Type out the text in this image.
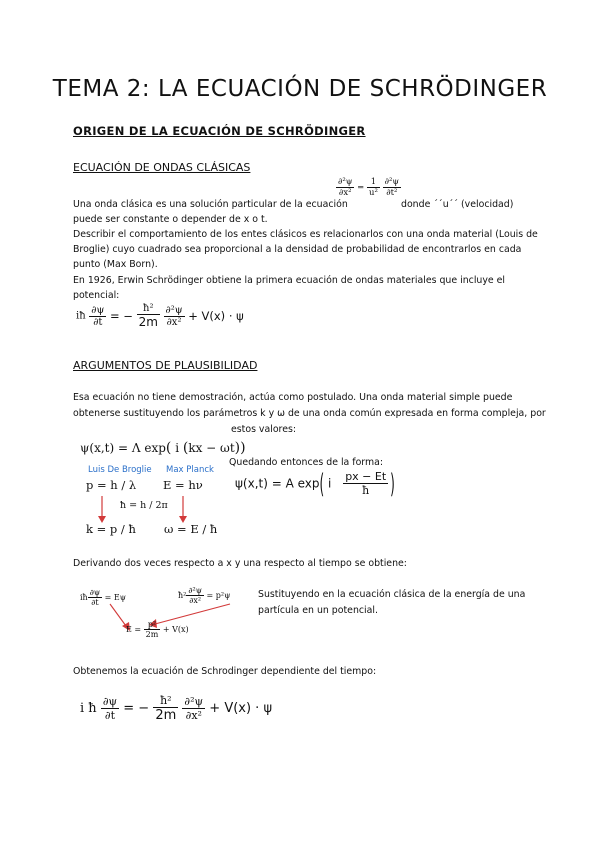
TEMA 2: LA ECUACIÓN DE SCHRÖDINGER
ORIGEN DE LA ECUACIÓN DE SCHRÖDINGER
ECUACIÓN DE ONDAS CLÁSICAS
Una onda clásica es una solución particular de la ecuación
$\frac{\text{∂²ψ}}{\text{∂x²}} = \frac{1}{\text{u²}}$
$\frac{\text{∂²ψ}}{\text{∂t²}}$
donde ´´u´´ (velocidad)
puede ser constante o depender de x o t.
Describir el comportamiento de los entes clásicos es relacionarlos con una onda material (Louis de
Broglie) cuyo cuadrado sea proporcional a la densidad de probabilidad de encontrarlos en cada
punto (Max Born).
En 1926, Erwin Schrödinger obtiene la primera ecuación de ondas materiales que incluye el
potencial:
iħ $\frac{\partial\psi}{\partial t}$ = − $\frac{\text{ħ²}}{2m}$
$\frac{\text{∂²ψ}}{\text{∂x²}} + V(x) \cdot \psi$
ARGUMENTOS DE PLAUSIBILIDAD
Esa ecuación no tiene demostración, actúa como postulado. Una onda material simple puede
obtenerse sustituyendo los parámetros k y ω de una onda común expresada en forma compleja, por
estos valores:
ψ(x,t) = Λ exp( i (kx − ωt))
Luis De Broglie Max Planck
p = h / λ E = hν
ħ = h / 2π
k = p / ħ ω = E / ħ
Quedando entonces de la forma:
ψ(x,t) = A exp( i $\frac{px - Et}{ħ}$ )
Derivando dos veces respecto a x y una respecto al tiempo se obtiene:
iħ $\frac{\partial\psi}{\partial t} = E\psi$	ħ² $\frac{\text{∂²ψ}}{\text{∂x²}} = p^2\psi$
$E = \frac{\text{p²}}{2m} + V(x)$
Sustituyendo en la ecuación clásica de la energía de una
partícula en un potencial.
Obtenemos la ecuación de Schrodinger dependiente del tiempo:
i ħ $\frac{\partial\psi}{\partial t}$ = − $\frac{\text{ħ²}}{2m}$
$\frac{\text{∂²ψ}}{\text{∂x²}} + V(x) \cdot \psi$
